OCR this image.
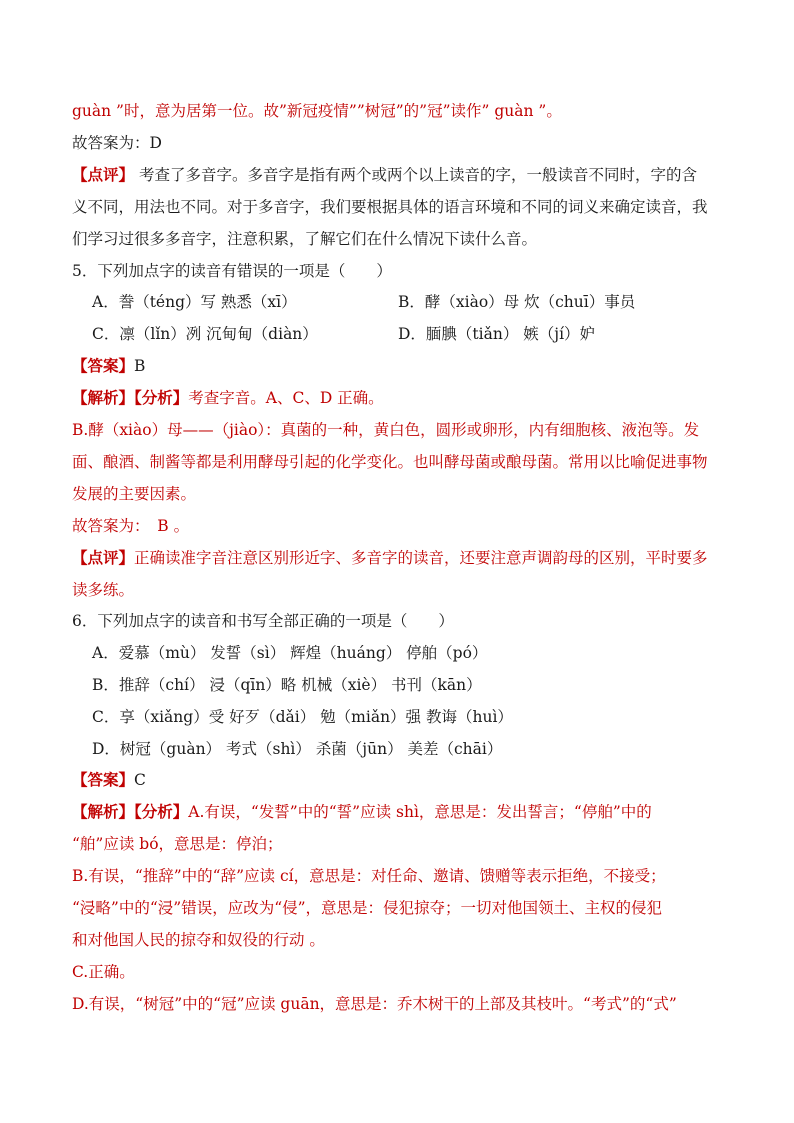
guàn ”时，意为居第一位。故”新冠疫情””树冠”的”冠”读作” guàn ”。
故答案为：D
【点评】 考查了多音字。多音字是指有两个或两个以上读音的字，一般读音不同时，字的含
义不同，用法也不同。对于多音字，我们要根据具体的语言环境和不同的词义来确定读音，我
们学习过很多多音字，注意积累，了解它们在什么情况下读什么音。
5．下列加点字的读音有错误的一项是（　　）
A．誊（téng）写 熟悉（xī）	B．酵（xiào）母 炊（chuī）事员
C．凛（lǐn）冽 沉甸甸（diàn）	D．腼腆（tiǎn） 嫉（jí）妒
【答案】B
【解析】【分析】考查字音。A、C、D 正确。
B.酵（xiào）母——（jiào）：真菌的一种，黄白色，圆形或卵形，内有细胞核、液泡等。发
面、酿酒、制酱等都是利用酵母引起的化学变化。也叫酵母菌或酿母菌。常用以比喻促进事物
发展的主要因素。
故答案为：　B 。
【点评】正确读准字音注意区别形近字、多音字的读音，还要注意声调韵母的区别，平时要多
读多练。
6．下列加点字的读音和书写全部正确的一项是（　　）
A．爱慕（mù） 发誓（sì） 辉煌（huáng） 停舶（pó）
B．推辞（chí） 浸（qīn）略 机械（xiè） 书刊（kān）
C．享（xiǎng）受 好歹（dǎi） 勉（miǎn）强 教诲（huì）
D．树冠（guàn） 考式（shì） 杀菌（jūn） 美差（chāi）
【答案】C
【解析】【分析】A.有误，“发誓”中的“誓”应读 shì，意思是：发出誓言；“停舶”中的
“舶”应读 bó，意思是：停泊；
B.有误，“推辞”中的“辞”应读 cí，意思是：对任命、邀请、馈赠等表示拒绝，不接受；
“浸略”中的“浸”错误，应改为“侵”，意思是：侵犯掠夺；一切对他国领土、主权的侵犯
和对他国人民的掠夺和奴役的行动 。
C.正确。
D.有误，“树冠”中的“冠”应读 guān，意思是：乔木树干的上部及其枝叶。“考式”的“式”
